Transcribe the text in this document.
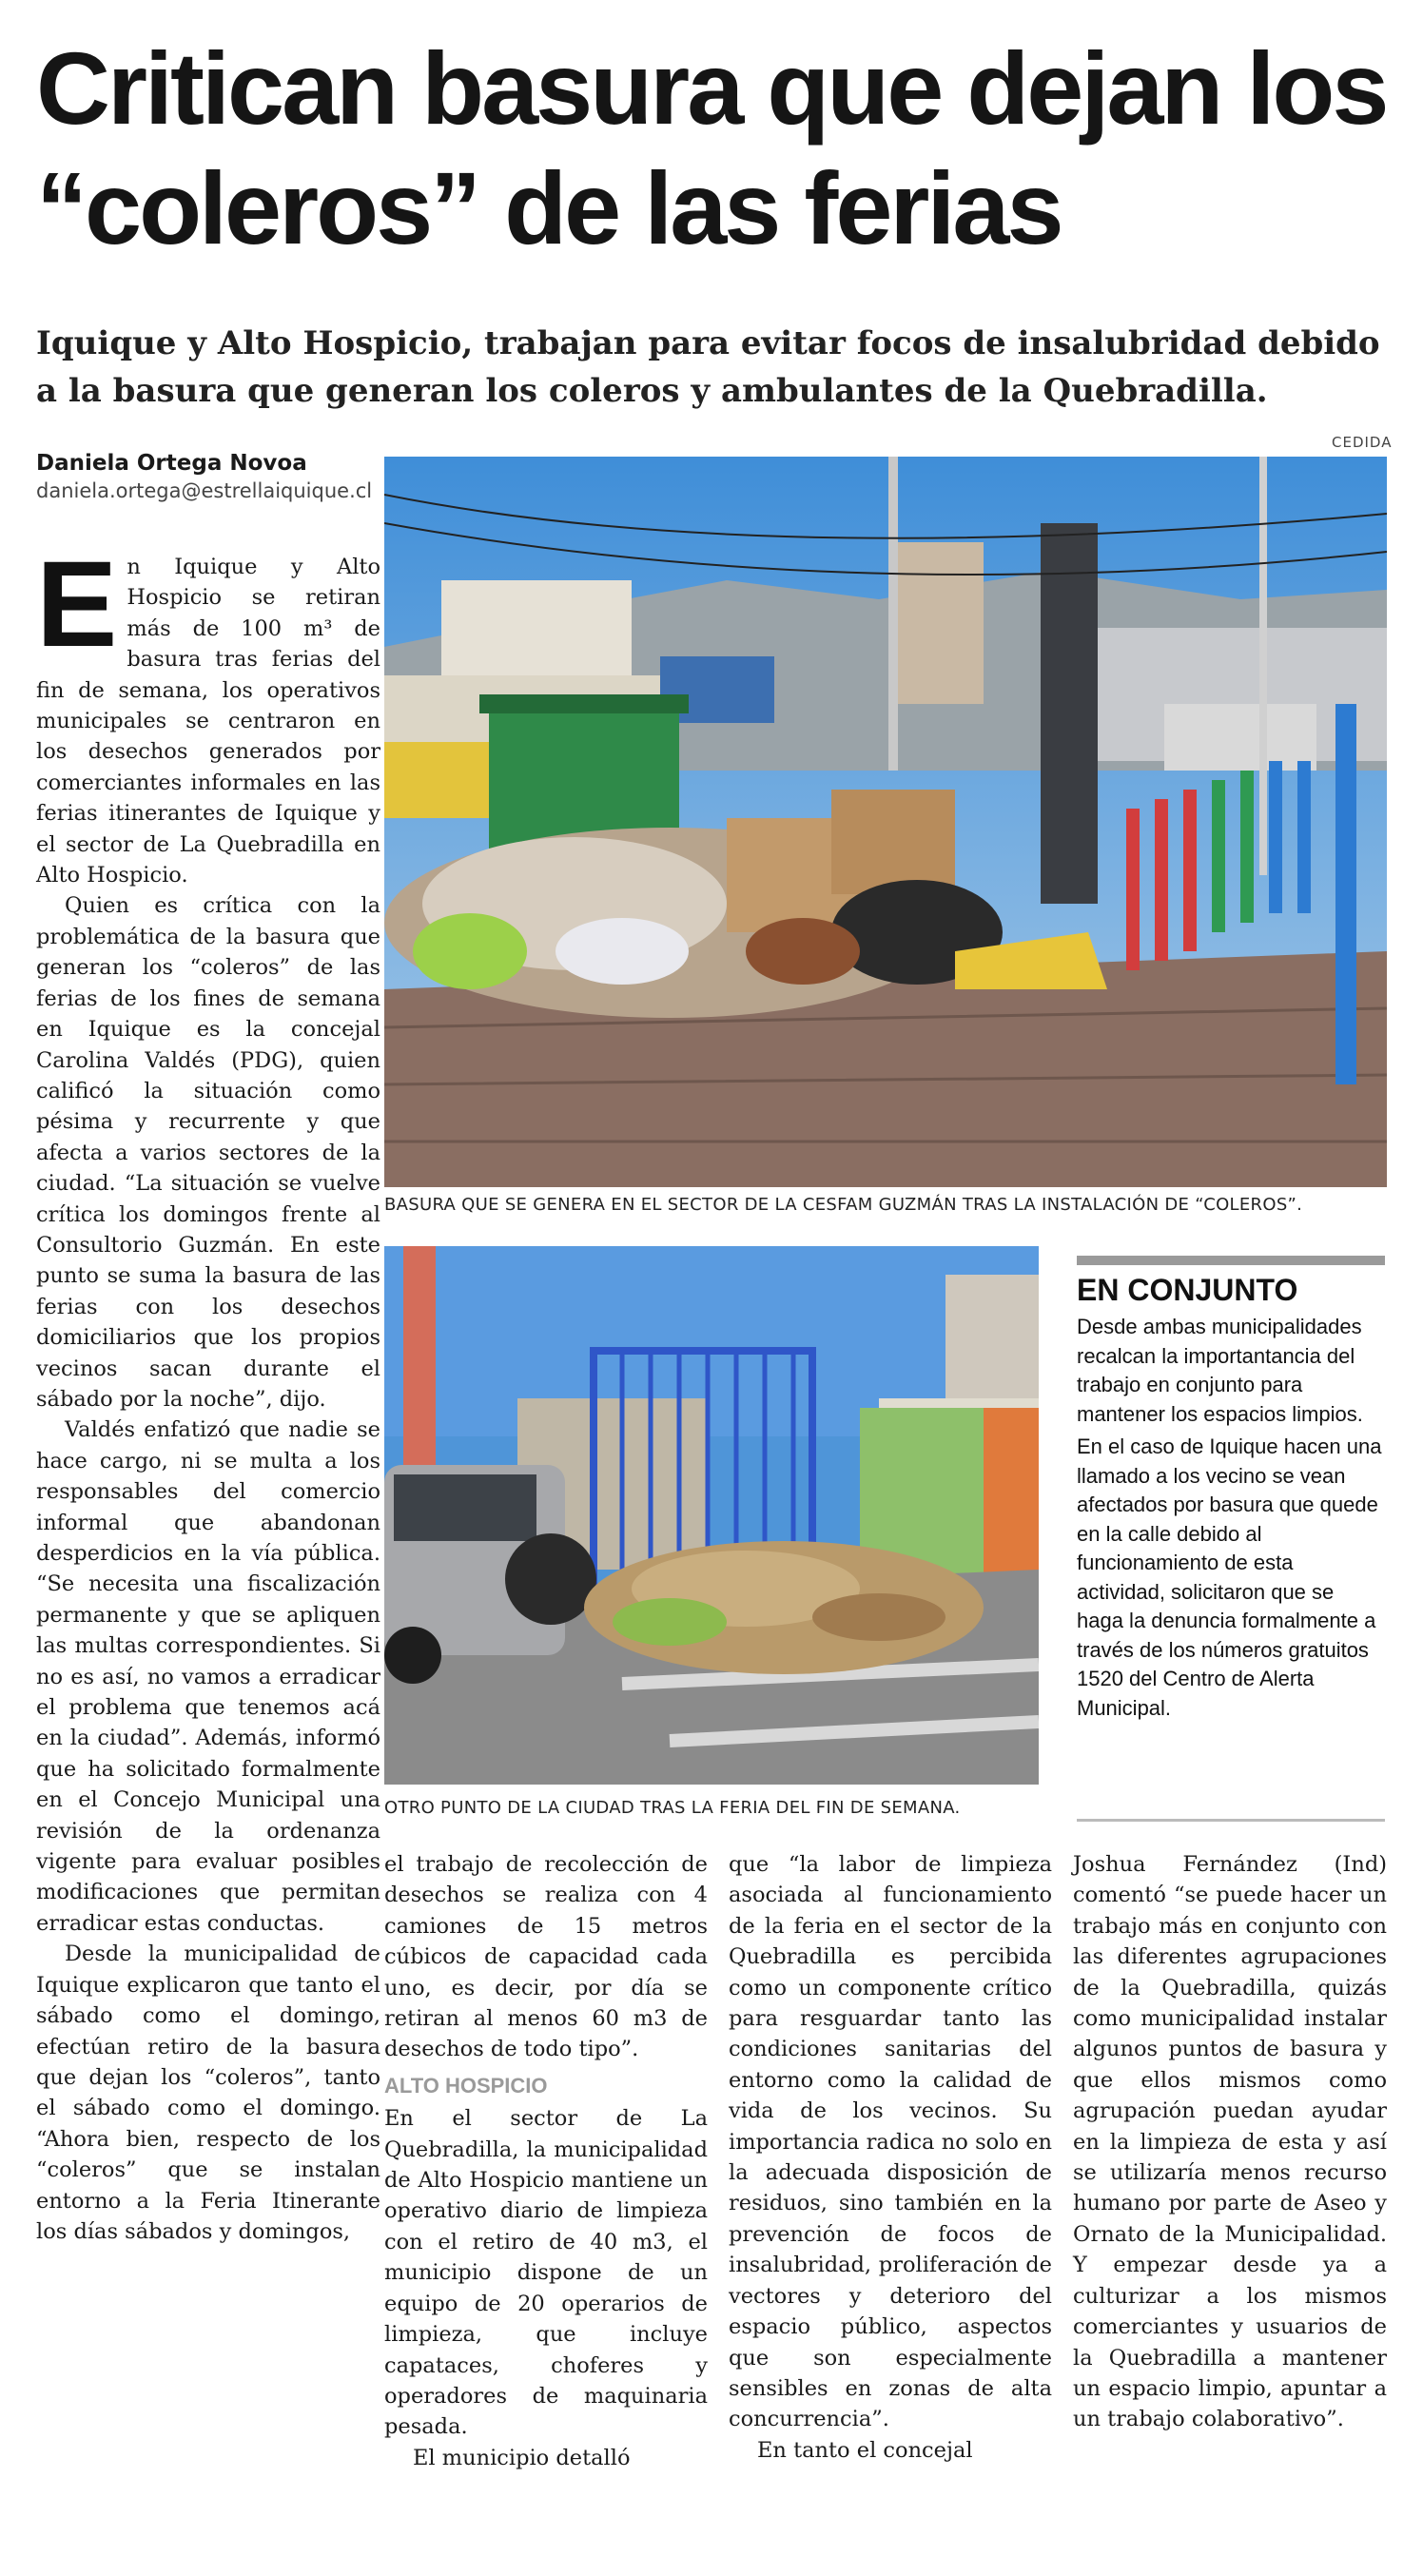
Critican basura que dejan los “coleros” de las ferias
Iquique y Alto Hospicio, trabajan para evitar focos de insalubridad debido a la basura que generan los coleros y ambulantes de la Quebradilla.
Daniela Ortega Novoa
daniela.ortega@estrellaiquique.cl
CEDIDA

En Iquique y Alto Hospicio se retiran más de 100 m³ de basura tras ferias del fin de semana, los operativos municipales se centraron en los desechos generados por comerciantes informales en las ferias itinerantes de Iquique y el sector de La Quebradilla en Alto Hospicio.

Quien es crítica con la problemática de la basura que generan los “coleros” de las ferias de los fines de semana en Iquique es la concejal Carolina Valdés (PDG), quien calificó la situación como pésima y recurrente y que afecta a varios sectores de la ciudad. “La situación se vuelve crítica los domingos frente al Consultorio Guzmán. En este punto se suma la basura de las ferias con los desechos domiciliarios que los propios vecinos sacan durante el sábado por la noche”, dijo.

Valdés enfatizó que nadie se hace cargo, ni se multa a los responsables del comercio informal que abandonan desperdicios en la vía pública. “Se necesita una fiscalización permanente y que se apliquen las multas correspondientes. Si no es así, no vamos a erradicar el problema que tenemos acá en la ciudad”. Además, informó que ha solicitado formalmente en el Concejo Municipal una revisión de la ordenanza vigente para evaluar posibles modificaciones que permitan erradicar estas conductas.

Desde la municipalidad de Iquique explicaron que tanto el sábado como el domingo, efectúan retiro de la basura que dejan los “coleros”, tanto el sábado como el domingo. “Ahora bien, respecto de los “coleros” que se instalan entorno a la Feria Itinerante los días sábados y domingos,

BASURA QUE SE GENERA EN EL SECTOR DE LA CESFAM GUZMÁN TRAS LA INSTALACIÓN DE “COLEROS”.
OTRO PUNTO DE LA CIUDAD TRAS LA FERIA DEL FIN DE SEMANA.
EN CONJUNTO

Desde ambas municipalidades recalcan la importantancia del trabajo en conjunto para mantener los espacios limpios.

En el caso de Iquique hacen una llamado a los vecino se vean afectados por basura que quede en la calle debido al funcionamiento de esta actividad, solicitaron que se haga la denuncia formalmente a través de los números gratuitos 1520 del Centro de Alerta Municipal.

el trabajo de recolección de desechos se realiza con 4 camiones de 15 metros cúbicos de capacidad cada uno, es decir, por día se retiran al menos 60 m3 de desechos de todo tipo”.

ALTO HOSPICIO

En el sector de La Quebradilla, la municipalidad de Alto Hospicio mantiene un operativo diario de limpieza con el retiro de 40 m3, el municipio dispone de un equipo de 20 operarios de limpieza, que incluye capataces, choferes y operadores de maquinaria pesada.

El municipio detalló

que “la labor de limpieza asociada al funcionamiento de la feria en el sector de la Quebradilla es percibida como un componente crítico para resguardar tanto las condiciones sanitarias del entorno como la calidad de vida de los vecinos. Su importancia radica no solo en la adecuada disposición de residuos, sino también en la prevención de focos de insalubridad, proliferación de vectores y deterioro del espacio público, aspectos que son especialmente sensibles en zonas de alta concurrencia”.

En tanto el concejal

Joshua Fernández (Ind) comentó “se puede hacer un trabajo más en conjunto con las diferentes agrupaciones de la Quebradilla, quizás como municipalidad instalar algunos puntos de basura y que ellos mismos como agrupación puedan ayudar en la limpieza de esta y así se utilizaría menos recurso humano por parte de Aseo y Ornato de la Municipalidad. Y empezar desde ya a culturizar a los mismos comerciantes y usuarios de la Quebradilla a mantener un espacio limpio, apuntar a un trabajo colaborativo”.
